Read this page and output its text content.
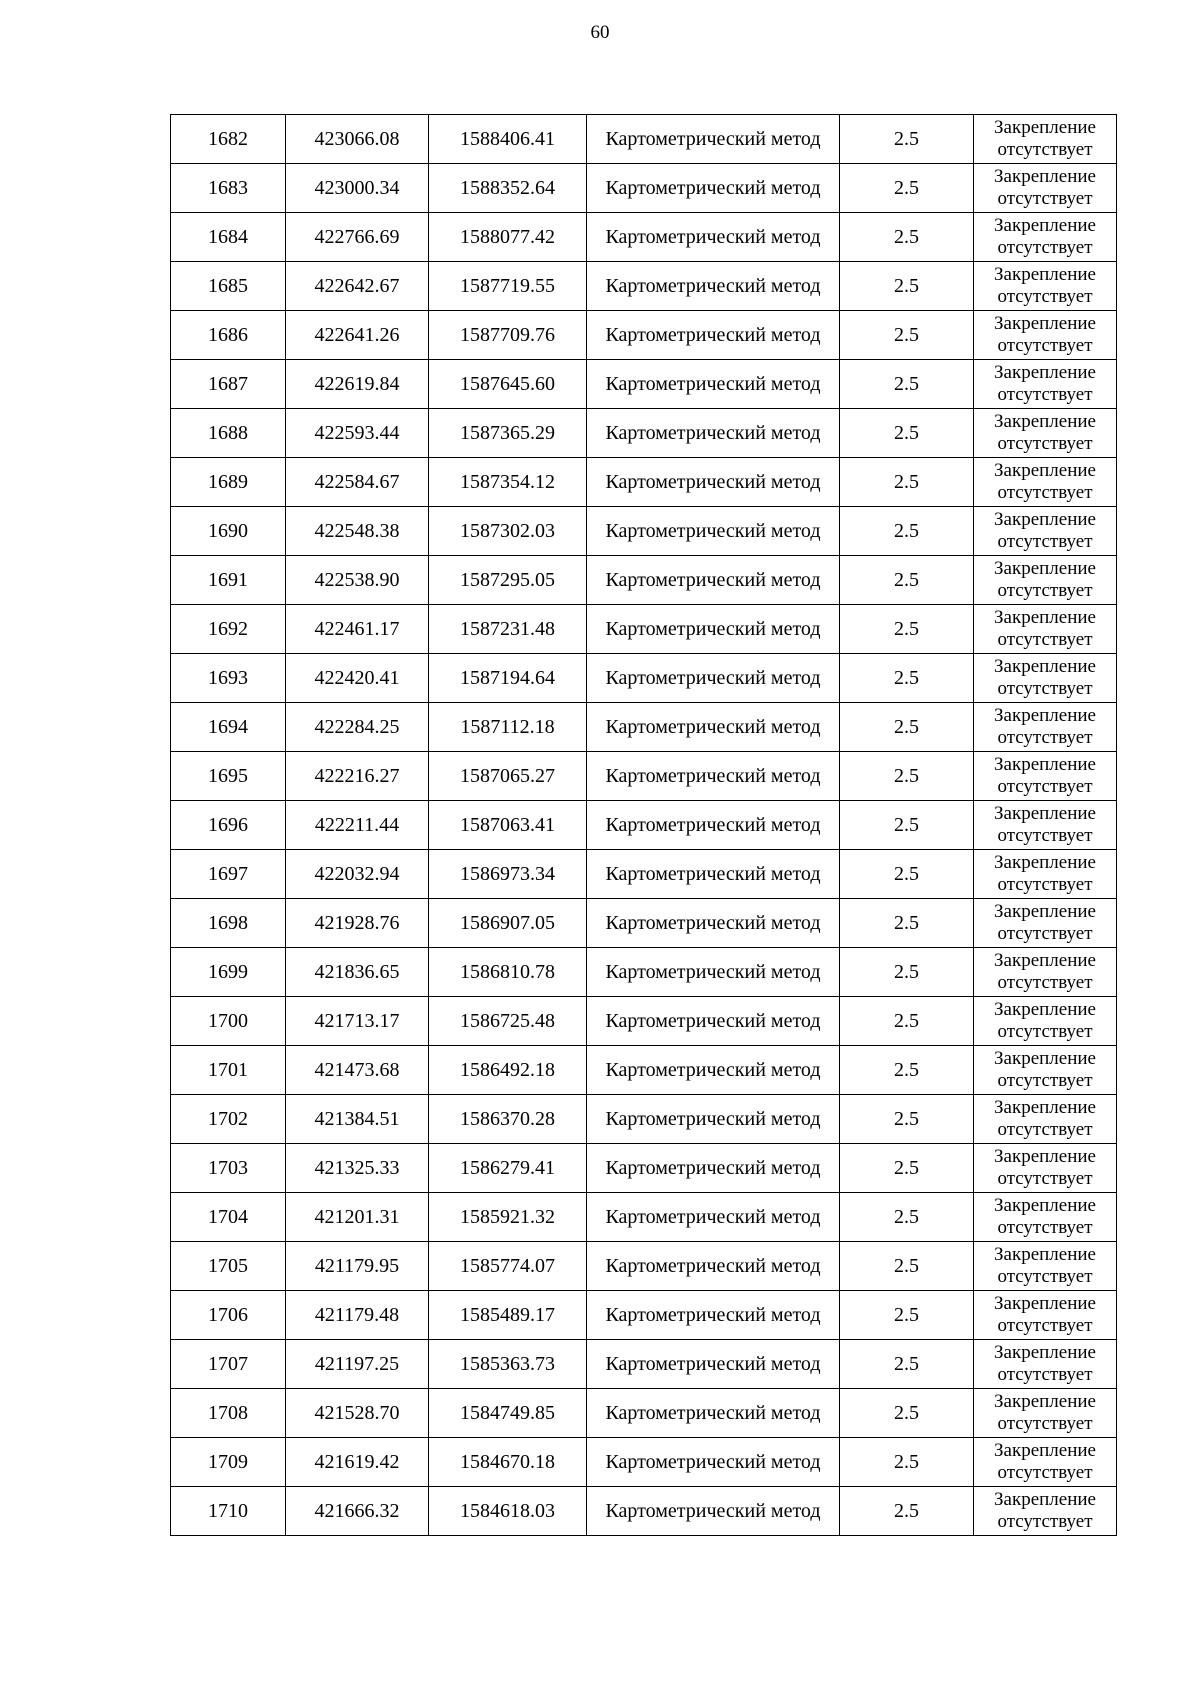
60
1682	423066.08	1588406.41	Картометрический метод	2.5	Закрепление
отсутствует

1683	423000.34	1588352.64	Картометрический метод	2.5	Закрепление
отсутствует

1684	422766.69	1588077.42	Картометрический метод	2.5	Закрепление
отсутствует

1685	422642.67	1587719.55	Картометрический метод	2.5	Закрепление
отсутствует

1686	422641.26	1587709.76	Картометрический метод	2.5	Закрепление
отсутствует

1687	422619.84	1587645.60	Картометрический метод	2.5	Закрепление
отсутствует

1688	422593.44	1587365.29	Картометрический метод	2.5	Закрепление
отсутствует

1689	422584.67	1587354.12	Картометрический метод	2.5	Закрепление
отсутствует

1690	422548.38	1587302.03	Картометрический метод	2.5	Закрепление
отсутствует

1691	422538.90	1587295.05	Картометрический метод	2.5	Закрепление
отсутствует

1692	422461.17	1587231.48	Картометрический метод	2.5	Закрепление
отсутствует

1693	422420.41	1587194.64	Картометрический метод	2.5	Закрепление
отсутствует

1694	422284.25	1587112.18	Картометрический метод	2.5	Закрепление
отсутствует

1695	422216.27	1587065.27	Картометрический метод	2.5	Закрепление
отсутствует

1696	422211.44	1587063.41	Картометрический метод	2.5	Закрепление
отсутствует

1697	422032.94	1586973.34	Картометрический метод	2.5	Закрепление
отсутствует

1698	421928.76	1586907.05	Картометрический метод	2.5	Закрепление
отсутствует

1699	421836.65	1586810.78	Картометрический метод	2.5	Закрепление
отсутствует

1700	421713.17	1586725.48	Картометрический метод	2.5	Закрепление
отсутствует

1701	421473.68	1586492.18	Картометрический метод	2.5	Закрепление
отсутствует

1702	421384.51	1586370.28	Картометрический метод	2.5	Закрепление
отсутствует

1703	421325.33	1586279.41	Картометрический метод	2.5	Закрепление
отсутствует

1704	421201.31	1585921.32	Картометрический метод	2.5	Закрепление
отсутствует

1705	421179.95	1585774.07	Картометрический метод	2.5	Закрепление
отсутствует

1706	421179.48	1585489.17	Картометрический метод	2.5	Закрепление
отсутствует

1707	421197.25	1585363.73	Картометрический метод	2.5	Закрепление
отсутствует

1708	421528.70	1584749.85	Картометрический метод	2.5	Закрепление
отсутствует

1709	421619.42	1584670.18	Картометрический метод	2.5	Закрепление
отсутствует

1710	421666.32	1584618.03	Картометрический метод	2.5	Закрепление
отсутствует
